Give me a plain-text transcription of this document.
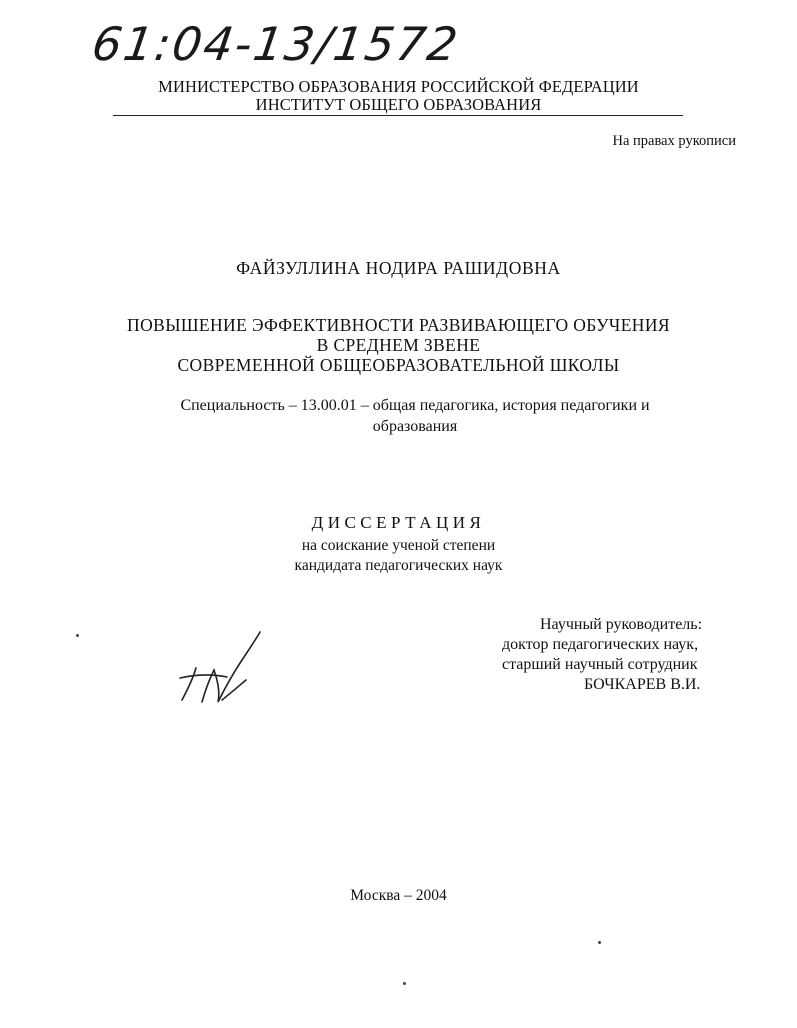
61:04-13/1572
МИНИСТЕРСТВО ОБРАЗОВАНИЯ РОССИЙСКОЙ ФЕДЕРАЦИИ
ИНСТИТУТ ОБЩЕГО ОБРАЗОВАНИЯ
На правах рукописи
ФАЙЗУЛЛИНА НОДИРА РАШИДОВНА
ПОВЫШЕНИЕ ЭФФЕКТИВНОСТИ РАЗВИВАЮЩЕГО ОБУЧЕНИЯ
В СРЕДНЕМ ЗВЕНЕ
СОВРЕМЕННОЙ ОБЩЕОБРАЗОВАТЕЛЬНОЙ ШКОЛЫ
Специальность – 13.00.01 – общая педагогика, история педагогики и
образования
ДИССЕРТАЦИЯ
на соискание ученой степени
кандидата педагогических наук
Научный руководитель:
доктор педагогических наук,
старший научный сотрудник
БОЧКАРЕВ В.И.
Москва – 2004
